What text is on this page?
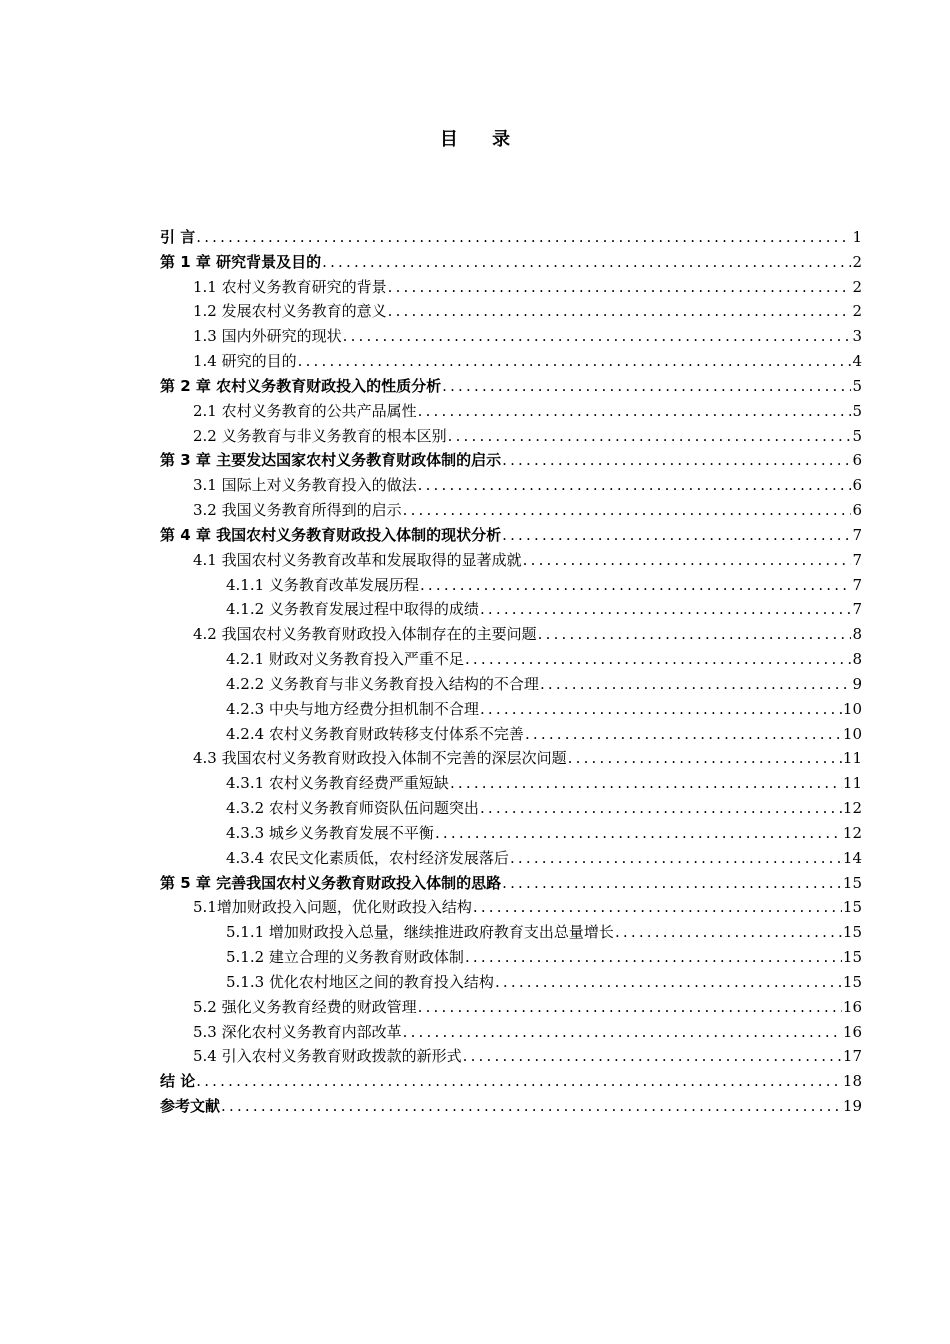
目 录
引 言 .....	1
第 1 章 研究背景及目的 .....	2
1.1 农村义务教育研究的背景 .....	2
1.2 发展农村义务教育的意义 .....	2
1.3 国内外研究的现状 .....	3
1.4 研究的目的 .....	4
第 2 章 农村义务教育财政投入的性质分析 .....	5
2.1 农村义务教育的公共产品属性 .....	5
2.2 义务教育与非义务教育的根本区别 .....	5
第 3 章 主要发达国家农村义务教育财政体制的启示 .....	6
3.1 国际上对义务教育投入的做法 .....	6
3.2 我国义务教育所得到的启示 .....	6
第 4 章 我国农村义务教育财政投入体制的现状分析 .....	7
4.1 我国农村义务教育改革和发展取得的显著成就 .....	7
4.1.1 义务教育改革发展历程 .....	7
4.1.2 义务教育发展过程中取得的成绩 .....	7
4.2 我国农村义务教育财政投入体制存在的主要问题 .....	8
4.2.1 财政对义务教育投入严重不足 .....	8
4.2.2 义务教育与非义务教育投入结构的不合理 .....	9
4.2.3 中央与地方经费分担机制不合理 .....	10
4.2.4 农村义务教育财政转移支付体系不完善 .....	10
4.3 我国农村义务教育财政投入体制不完善的深层次问题 .....	11
4.3.1 农村义务教育经费严重短缺 .....	11
4.3.2 农村义务教育师资队伍问题突出 .....	12
4.3.3 城乡义务教育发展不平衡 .....	12
4.3.4 农民文化素质低，农村经济发展落后 .....	14
第 5 章 完善我国农村义务教育财政投入体制的思路 .....	15
5.1增加财政投入问题，优化财政投入结构 .....	15
5.1.1 增加财政投入总量，继续推进政府教育支出总量增长 .....	15
5.1.2 建立合理的义务教育财政体制 .....	15
5.1.3 优化农村地区之间的教育投入结构 .....	15
5.2 强化义务教育经费的财政管理 .....	16
5.3 深化农村义务教育内部改革 .....	16
5.4 引入农村义务教育财政拨款的新形式 .....	17
结 论 .....	18
参考文献 .....	19
